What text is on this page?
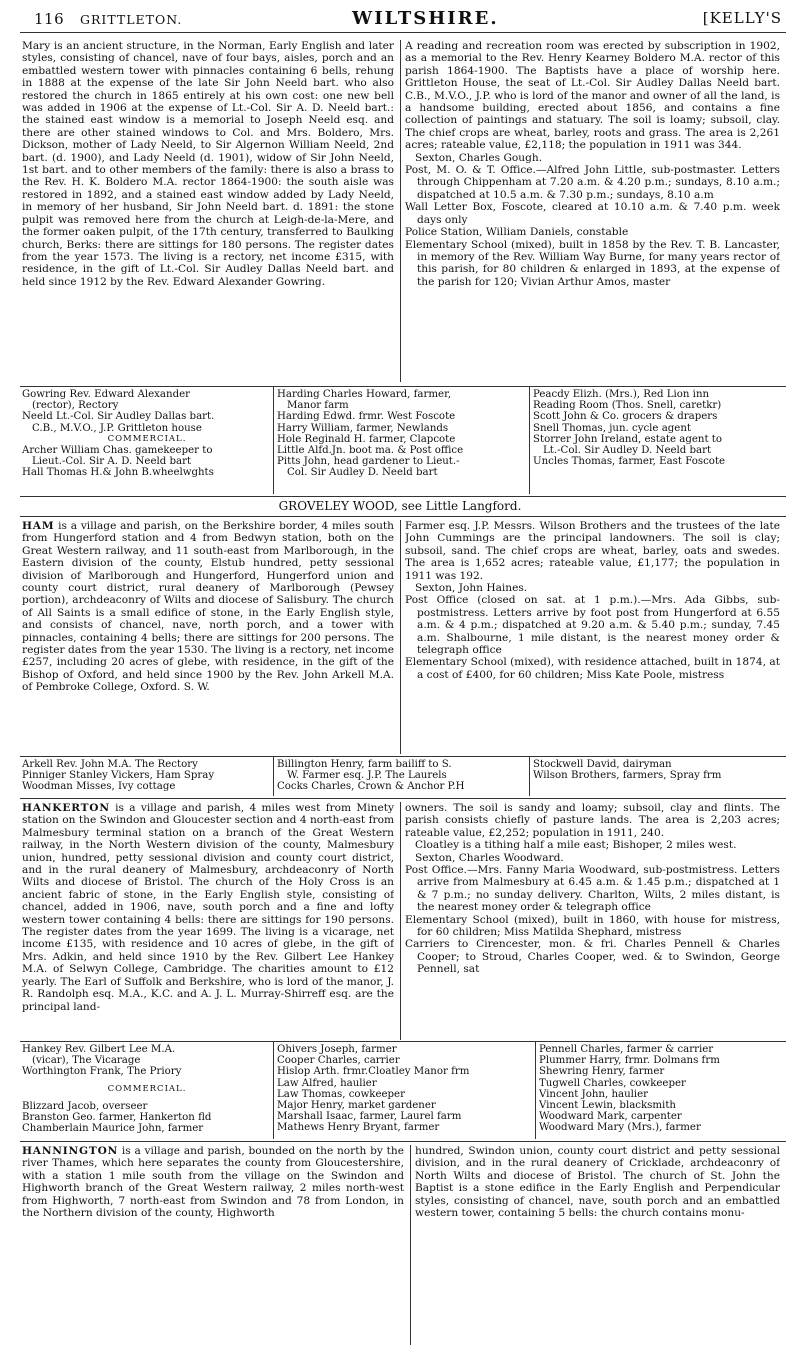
116 GRITTLETON.	WILTSHIRE.	[KELLY'S

Mary is an ancient structure, in the Norman, Early English and later styles, consisting of chancel, nave of four bays, aisles, porch and an embattled western tower with pinnacles containing 6 bells, rehung in 1888 at the expense of the late Sir John Neeld bart. who also restored the church in 1865 entirely at his own cost: one new bell was added in 1906 at the expense of Lt.-Col. Sir A. D. Neeld bart.: the stained east window is a memorial to Joseph Neeld esq. and there are other stained windows to Col. and Mrs. Boldero, Mrs. Dickson, mother of Lady Neeld, to Sir Algernon William Neeld, 2nd bart. (d. 1900), and Lady Neeld (d. 1901), widow of Sir John Neeld, 1st bart. and to other members of the family: there is also a brass to the Rev. H. K. Boldero M.A. rector 1864-1900: the south aisle was restored in 1892, and a stained east window added by Lady Neeld, in memory of her husband, Sir John Neeld bart. d. 1891: the stone pulpit was removed here from the church at Leigh-de-la-Mere, and the former oaken pulpit, of the 17th century, transferred to Baulking church, Berks: there are sittings for 180 persons. The register dates from the year 1573. The living is a rectory, net income £315, with residence, in the gift of Lt.-Col. Sir Audley Dallas Neeld bart. and held since 1912 by the Rev. Edward Alexander Gowring.

A reading and recreation room was erected by subscription in 1902, as a memorial to the Rev. Henry Kearney Boldero M.A. rector of this parish 1864-1900. The Baptists have a place of worship here. Grittleton House, the seat of Lt.-Col. Sir Audley Dallas Neeld bart. C.B., M.V.O., J.P. who is lord of the manor and owner of all the land, is a handsome building, erected about 1856, and contains a fine collection of paintings and statuary. The soil is loamy; subsoil, clay. The chief crops are wheat, barley, roots and grass. The area is 2,261 acres; rateable value, £2,118; the population in 1911 was 344.

Sexton, Charles Gough.

Post, M. O. & T. Office.—Alfred John Little, sub-postmaster. Letters through Chippenham at 7.20 a.m. & 4.20 p.m.; sundays, 8.10 a.m.; dispatched at 10.5 a.m. & 7.30 p.m.; sundays, 8.10 a.m

Wall Letter Box, Foscote, cleared at 10.10 a.m. & 7.40 p.m. week days only

Police Station, William Daniels, constable

Elementary School (mixed), built in 1858 by the Rev. T. B. Lancaster, in memory of the Rev. William Way Burne, for many years rector of this parish, for 80 children & enlarged in 1893, at the expense of the parish for 120; Vivian Arthur Amos, master

Gowring Rev. Edward Alexander
(rector), Rectory
Neeld Lt.-Col. Sir Audley Dallas bart.
C.B., M.V.O., J.P. Grittleton house
COMMERCIAL.
Archer William Chas. gamekeeper to
Lieut.-Col. Sir A. D. Neeld bart
Hall Thomas H.& John B.wheelwghts
Harding Charles Howard, farmer,
Manor farm
Harding Edwd. frmr. West Foscote
Harry William, farmer, Newlands
Hole Reginald H. farmer, Clapcote
Little Alfd.Jn. boot ma. & Post office
Pitts John, head gardener to Lieut.-
Col. Sir Audley D. Neeld bart
Peacdy Elizh. (Mrs.), Red Lion inn
Reading Room (Thos. Snell, caretkr)
Scott John & Co. grocers & drapers
Snell Thomas, jun. cycle agent
Storrer John Ireland, estate agent to
Lt.-Col. Sir Audley D. Neeld bart
Uncles Thomas, farmer, East Foscote
GROVELEY WOOD, see Little Langford.

HAM is a village and parish, on the Berkshire border, 4 miles south from Hungerford station and 4 from Bedwyn station, both on the Great Western railway, and 11 south-east from Marlborough, in the Eastern division of the county, Elstub hundred, petty sessional division of Marlborough and Hungerford, Hungerford union and county court district, rural deanery of Marlborough (Pewsey portion), archdeaconry of Wilts and diocese of Salisbury. The church of All Saints is a small edifice of stone, in the Early English style, and consists of chancel, nave, north porch, and a tower with pinnacles, containing 4 bells; there are sittings for 200 persons. The register dates from the year 1530. The living is a rectory, net income £257, including 20 acres of glebe, with residence, in the gift of the Bishop of Oxford, and held since 1900 by the Rev. John Arkell M.A. of Pembroke College, Oxford. S. W.

Farmer esq. J.P. Messrs. Wilson Brothers and the trustees of the late John Cummings are the principal landowners. The soil is clay; subsoil, sand. The chief crops are wheat, barley, oats and swedes. The area is 1,652 acres; rateable value, £1,177; the population in 1911 was 192.

Sexton, John Haines.

Post Office (closed on sat. at 1 p.m.).—Mrs. Ada Gibbs, sub-postmistress. Letters arrive by foot post from Hungerford at 6.55 a.m. & 4 p.m.; dispatched at 9.20 a.m. & 5.40 p.m.; sunday, 7.45 a.m. Shalbourne, 1 mile distant, is the nearest money order & telegraph office

Elementary School (mixed), with residence attached, built in 1874, at a cost of £400, for 60 children; Miss Kate Poole, mistress

Arkell Rev. John M.A. The Rectory
Pinniger Stanley Vickers, Ham Spray
Woodman Misses, Ivy cottage
Billington Henry, farm bailiff to S.
W. Farmer esq. J.P. The Laurels
Cocks Charles, Crown & Anchor P.H
Stockwell David, dairyman
Wilson Brothers, farmers, Spray frm

HANKERTON is a village and parish, 4 miles west from Minety station on the Swindon and Gloucester section and 4 north-east from Malmesbury terminal station on a branch of the Great Western railway, in the North Western division of the county, Malmesbury union, hundred, petty sessional division and county court district, and in the rural deanery of Malmesbury, archdeaconry of North Wilts and diocese of Bristol. The church of the Holy Cross is an ancient fabric of stone, in the Early English style, consisting of chancel, added in 1906, nave, south porch and a fine and lofty western tower containing 4 bells: there are sittings for 190 persons. The register dates from the year 1699. The living is a vicarage, net income £135, with residence and 10 acres of glebe, in the gift of Mrs. Adkin, and held since 1910 by the Rev. Gilbert Lee Hankey M.A. of Selwyn College, Cambridge. The charities amount to £12 yearly. The Earl of Suffolk and Berkshire, who is lord of the manor, J. R. Randolph esq. M.A., K.C. and A. J. L. Murray-Shirreff esq. are the principal land-

owners. The soil is sandy and loamy; subsoil, clay and flints. The parish consists chiefly of pasture lands. The area is 2,203 acres; rateable value, £2,252; population in 1911, 240.

Cloatley is a tithing half a mile east; Bishoper, 2 miles west.

Sexton, Charles Woodward.

Post Office.—Mrs. Fanny Maria Woodward, sub-postmistress. Letters arrive from Malmesbury at 6.45 a.m. & 1.45 p.m.; dispatched at 1 & 7 p.m.; no sunday delivery. Charlton, Wilts, 2 miles distant, is the nearest money order & telegraph office

Elementary School (mixed), built in 1860, with house for mistress, for 60 children; Miss Matilda Shephard, mistress

Carriers to Cirencester, mon. & fri. Charles Pennell & Charles Cooper; to Stroud, Charles Cooper, wed. & to Swindon, George Pennell, sat

Hankey Rev. Gilbert Lee M.A.
(vicar), The Vicarage
Worthington Frank, The Priory
COMMERCIAL.
Blizzard Jacob, overseer
Branston Geo. farmer, Hankerton fld
Chamberlain Maurice John, farmer
Ohivers Joseph, farmer
Cooper Charles, carrier
Hislop Arth. frmr.Cloatley Manor frm
Law Alfred, haulier
Law Thomas, cowkeeper
Major Henry, market gardener
Marshall Isaac, farmer, Laurel farm
Mathews Henry Bryant, farmer
Pennell Charles, farmer & carrier
Plummer Harry, frmr. Dolmans frm
Shewring Henry, farmer
Tugwell Charles, cowkeeper
Vincent John, haulier
Vincent Lewin, blacksmith
Woodward Mark, carpenter
Woodward Mary (Mrs.), farmer

HANNINGTON is a village and parish, bounded on the north by the river Thames, which here separates the county from Gloucestershire, with a station 1 mile south from the village on the Swindon and Highworth branch of the Great Western railway, 2 miles north-west from Highworth, 7 north-east from Swindon and 78 from London, in the Northern division of the county, Highworth

hundred, Swindon union, county court district and petty sessional division, and in the rural deanery of Cricklade, archdeaconry of North Wilts and diocese of Bristol. The church of St. John the Baptist is a stone edifice in the Early English and Perpendicular styles, consisting of chancel, nave, south porch and an embattled western tower, containing 5 bells: the church contains monu-
